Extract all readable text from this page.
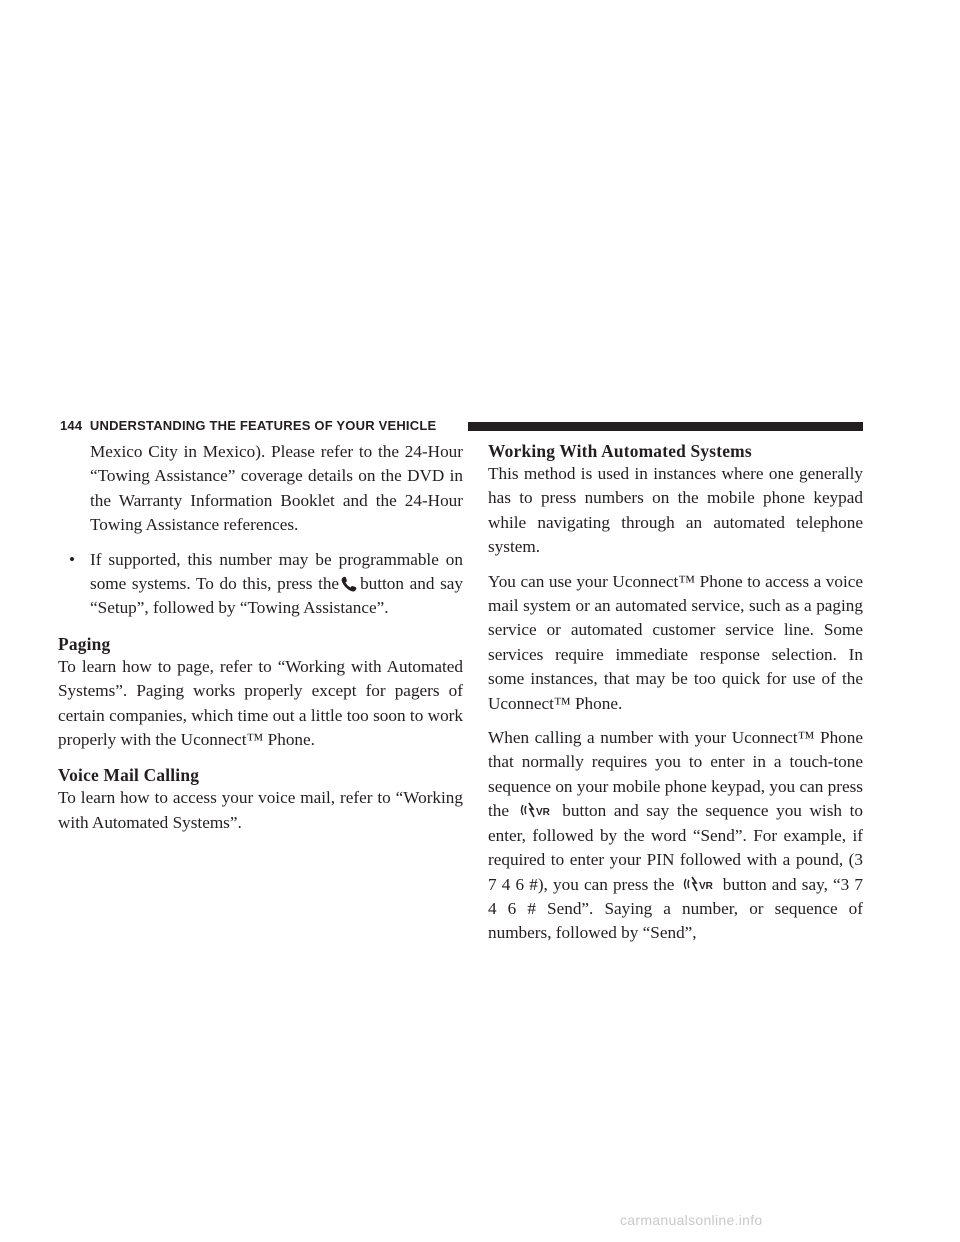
144 UNDERSTANDING THE FEATURES OF YOUR VEHICLE

Mexico City in Mexico). Please refer to the 24-Hour “Towing Assistance” coverage details on the DVD in the Warranty Information Booklet and the 24-Hour Towing Assistance references.

• If supported, this number may be programmable on some systems. To do this, press the button and say “Setup”, followed by “Towing Assistance”.
Paging

To learn how to page, refer to “Working with Automated Systems”. Paging works properly except for pagers of certain companies, which time out a little too soon to work properly with the Uconnect™ Phone.

Voice Mail Calling

To learn how to access your voice mail, refer to “Working with Automated Systems”.

Working With Automated Systems

This method is used in instances where one generally has to press numbers on the mobile phone keypad while navigating through an automated telephone system.

You can use your Uconnect™ Phone to access a voice mail system or an automated service, such as a paging service or automated customer service line. Some services require immediate response selection. In some instances, that may be too quick for use of the Uconnect™ Phone.

When calling a number with your Uconnect™ Phone that normally requires you to enter in a touch-tone sequence on your mobile phone keypad, you can press the	VR button and say the sequence you wish to enter, followed by the word “Send”. For example, if required to enter your PIN followed with a pound, (3 7 4 6 #), you can press the VR button and say, “3 7 4 6 # Send”. Saying a number, or sequence of numbers, followed by “Send”,

carmanualsonline.info
